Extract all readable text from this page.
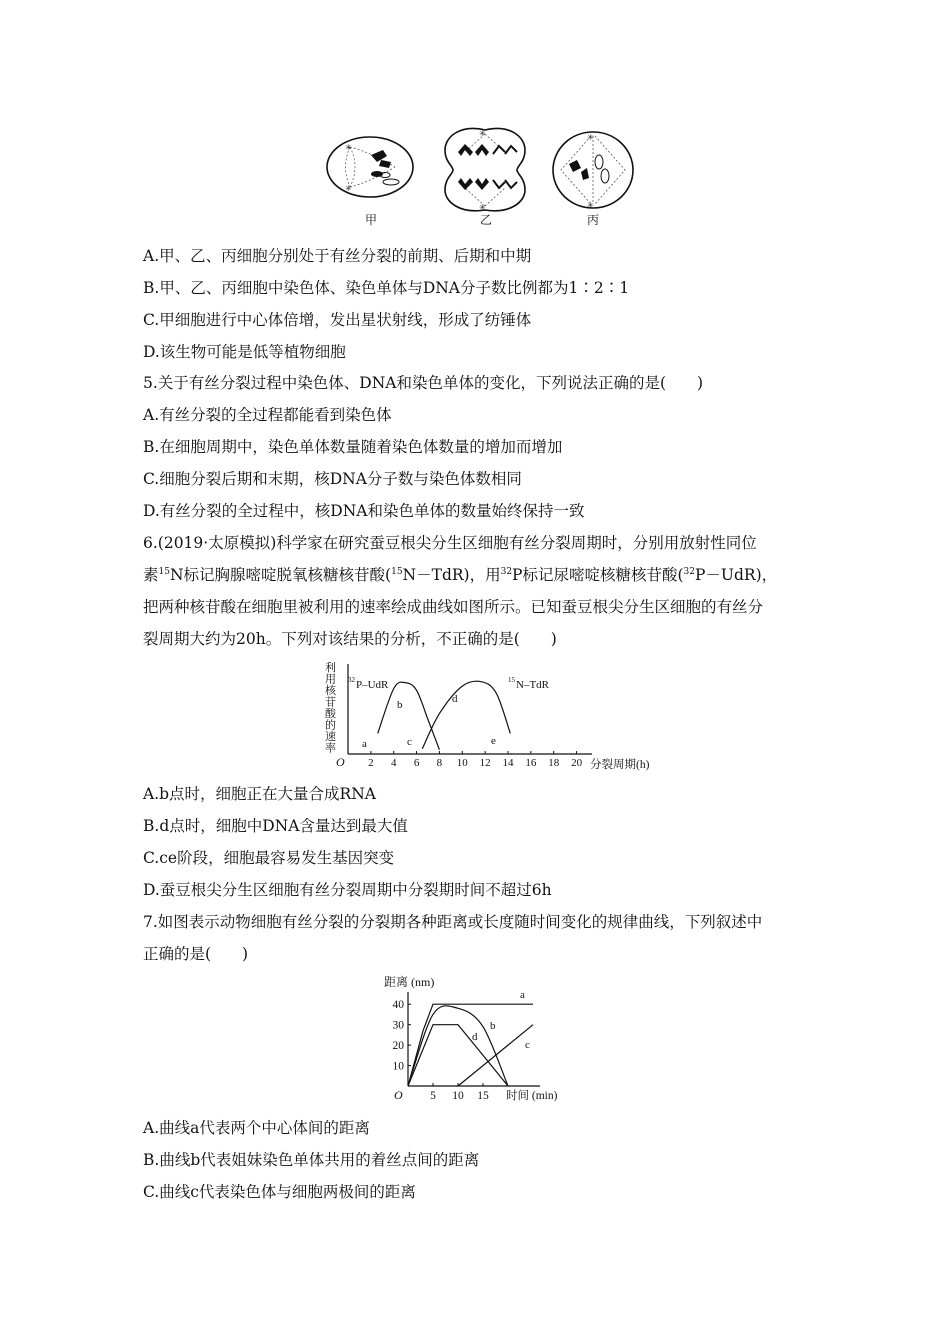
✳
✳
甲
✳
✳
乙
✳
✳
丙
A.甲、乙、丙细胞分别处于有丝分裂的前期、后期和中期
B.甲、乙、丙细胞中染色体、染色单体与DNA分子数比例都为1∶2∶1
C.甲细胞进行中心体倍增，发出星状射线，形成了纺锤体
D.该生物可能是低等植物细胞
5.关于有丝分裂过程中染色体、DNA和染色单体的变化，下列说法正确的是(　　)
A.有丝分裂的全过程都能看到染色体
B.在细胞周期中，染色单体数量随着染色体数量的增加而增加
C.细胞分裂后期和末期，核DNA分子数与染色体数相同
D.有丝分裂的全过程中，核DNA和染色单体的数量始终保持一致
6.(2019·太原模拟)科学家在研究蚕豆根尖分生区细胞有丝分裂周期时，分别用放射性同位
素$^{15}$N标记胸腺嘧啶脱氧核糖核苷酸($^{15}$N－TdR)，用$^{32}$P标记尿嘧啶核糖核苷酸($^{32}$P－UdR)，
把两种核苷酸在细胞里被利用的速率绘成曲线如图所示。已知蚕豆根尖分生区细胞的有丝分
裂周期大约为20h。下列对该结果的分析，不正确的是(　　)
利
用
核
苷
酸
的
速
率
O 2 4 6 8 10 12 14 16 18 20 分裂周期(h)
32 P–UdR	15 N–TdR
a
b
c
d
e
A.b点时，细胞正在大量合成RNA
B.d点时，细胞中DNA含量达到最大值
C.ce阶段，细胞最容易发生基因突变
D.蚕豆根尖分生区细胞有丝分裂周期中分裂期时间不超过6h
7.如图表示动物细胞有丝分裂的分裂期各种距离或长度随时间变化的规律曲线，下列叙述中
正确的是(　　)
距离 (nm)
O 5 10 15
10
20
30
40
时间 (min)
a
b
c
d
A.曲线a代表两个中心体间的距离
B.曲线b代表姐妹染色单体共用的着丝点间的距离
C.曲线c代表染色体与细胞两极间的距离
